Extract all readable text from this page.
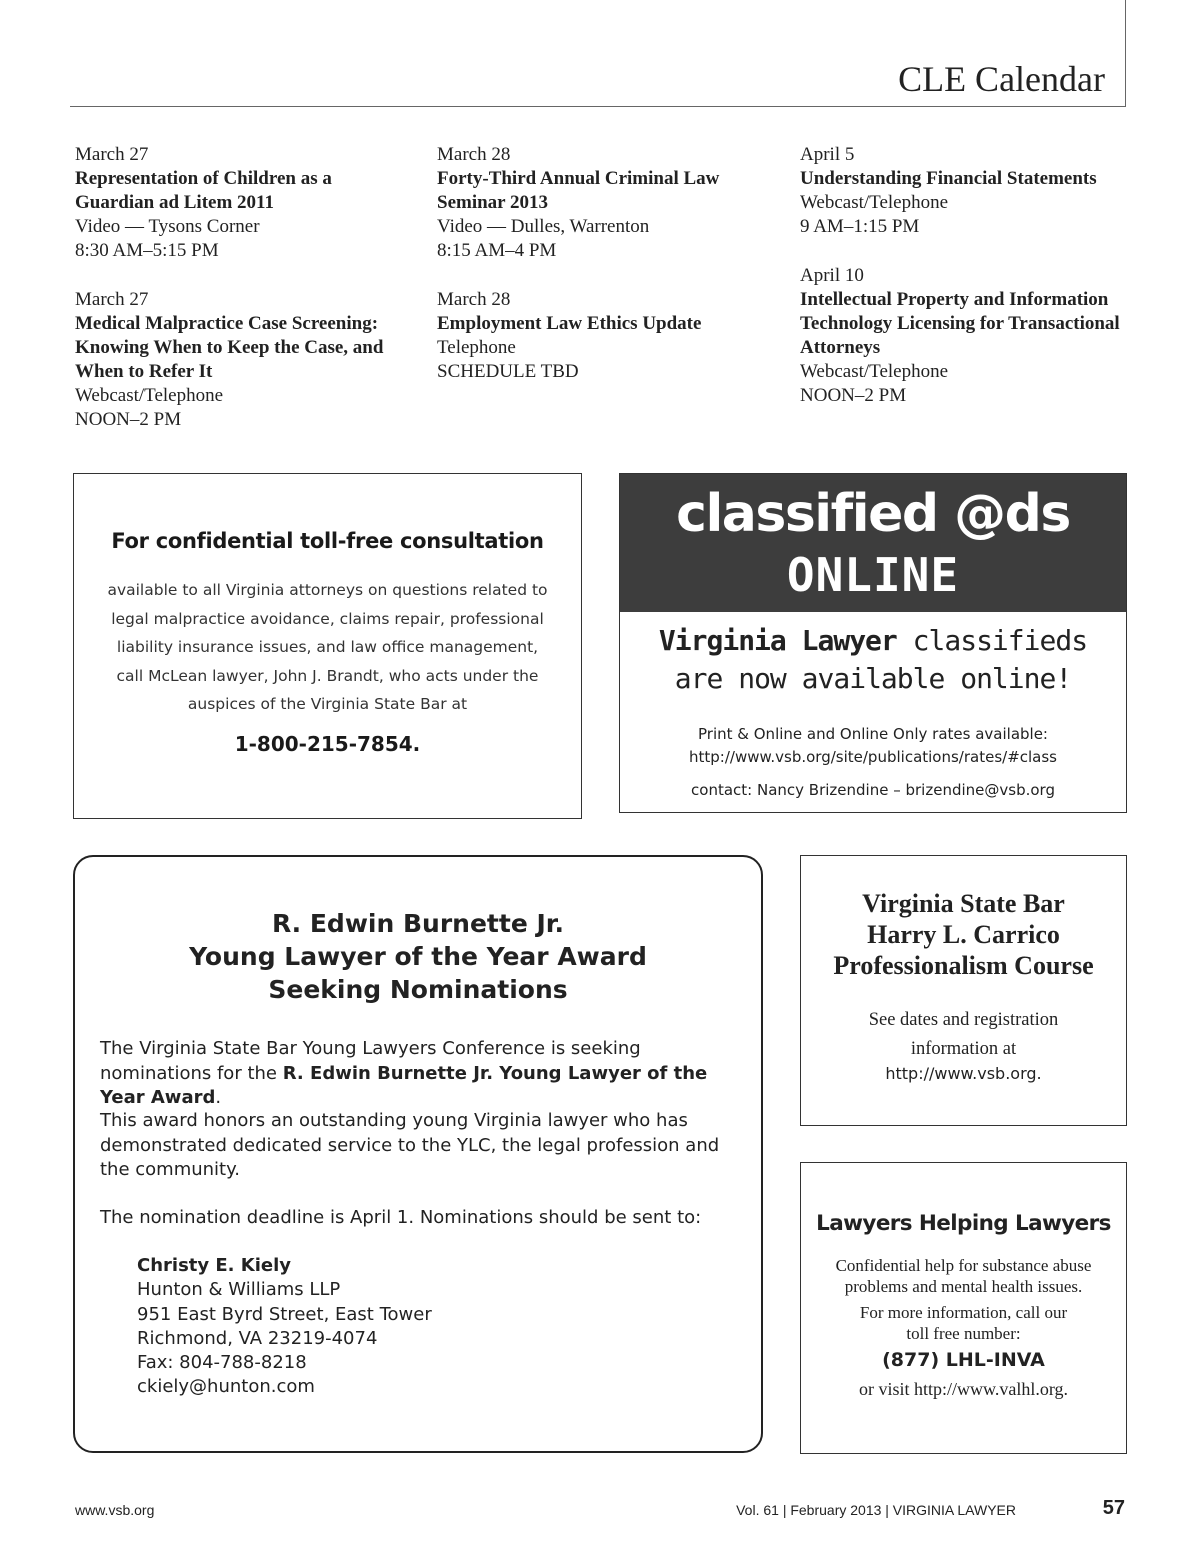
CLE Calendar
March 27
Representation of Children as a
Guardian ad Litem 2011
Video — Tysons Corner
8:30 AM–5:15 PM
March 27
Medical Malpractice Case Screening:
Knowing When to Keep the Case, and
When to Refer It
Webcast/Telephone
NOON–2 PM
March 28
Forty-Third Annual Criminal Law
Seminar 2013
Video — Dulles, Warrenton
8:15 AM–4 PM
March 28
Employment Law Ethics Update
Telephone
SCHEDULE TBD
April 5
Understanding Financial Statements
Webcast/Telephone
9 AM–1:15 PM
April 10
Intellectual Property and Information
Technology Licensing for Transactional
Attorneys
Webcast/Telephone
NOON–2 PM
For confidential toll-free consultation
available to all Virginia attorneys on questions related to legal malpractice avoidance, claims repair, professional liability insurance issues, and law office management, call McLean lawyer, John J. Brandt, who acts under the auspices of the Virginia State Bar at
1-800-215-7854.
classified @ds
ONLINE
Virginia Lawyer classifieds
are now available online!
Print & Online and Online Only rates available:
http://www.vsb.org/site/publications/rates/#class
contact: Nancy Brizendine – brizendine@vsb.org
R. Edwin Burnette Jr.
Young Lawyer of the Year Award
Seeking Nominations
The Virginia State Bar Young Lawyers Conference is seeking nominations for the R. Edwin Burnette Jr. Young Lawyer of the Year Award.
This award honors an outstanding young Virginia lawyer who has demonstrated dedicated service to the YLC, the legal profession and the community.
The nomination deadline is April 1. Nominations should be sent to:
Christy E. Kiely
Hunton & Williams LLP
951 East Byrd Street, East Tower
Richmond, VA 23219-4074
Fax: 804-788-8218
ckiely@hunton.com
Virginia State Bar
Harry L. Carrico
Professionalism Course
See dates and registration
information at
http://www.vsb.org.
Lawyers Helping Lawyers
Confidential help for substance abuse
problems and mental health issues.
For more information, call our
toll free number:
(877) LHL-INVA
or visit http://www.valhl.org.
www.vsb.org	Vol. 61 | February 2013 | VIRGINIA LAWYER	57
